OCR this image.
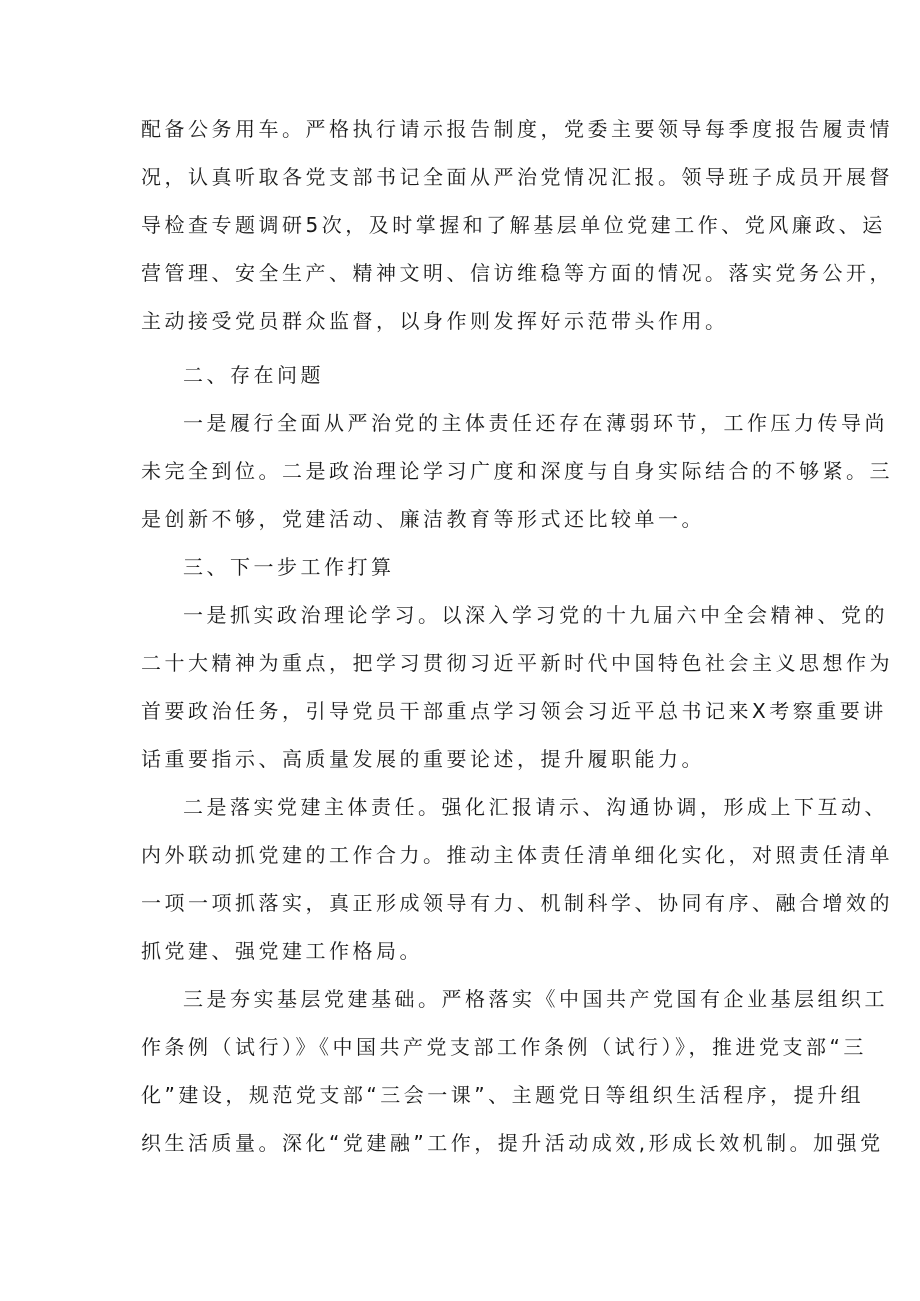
配备公务用车。严格执行请示报告制度，党委主要领导每季度报告履责情
况，认真听取各党支部书记全面从严治党情况汇报。领导班子成员开展督
导检查专题调研5次，及时掌握和了解基层单位党建工作、党风廉政、运
营管理、安全生产、精神文明、信访维稳等方面的情况。落实党务公开，
主动接受党员群众监督，以身作则发挥好示范带头作用。
二、存在问题
一是履行全面从严治党的主体责任还存在薄弱环节，工作压力传导尚
未完全到位。二是政治理论学习广度和深度与自身实际结合的不够紧。三
是创新不够，党建活动、廉洁教育等形式还比较单一。
三、下一步工作打算
一是抓实政治理论学习。以深入学习党的十九届六中全会精神、党的
二十大精神为重点，把学习贯彻习近平新时代中国特色社会主义思想作为
首要政治任务，引导党员干部重点学习领会习近平总书记来X考察重要讲
话重要指示、高质量发展的重要论述，提升履职能力。
二是落实党建主体责任。强化汇报请示、沟通协调，形成上下互动、
内外联动抓党建的工作合力。推动主体责任清单细化实化，对照责任清单
一项一项抓落实，真正形成领导有力、机制科学、协同有序、融合增效的
抓党建、强党建工作格局。
三是夯实基层党建基础。严格落实《中国共产党国有企业基层组织工
作条例（试行）》《中国共产党支部工作条例（试行）》，推进党支部“三
化”建设，规范党支部“三会一课”、主题党日等组织生活程序，提升组
织生活质量。深化“党建融”工作，提升活动成效,形成长效机制。加强党
